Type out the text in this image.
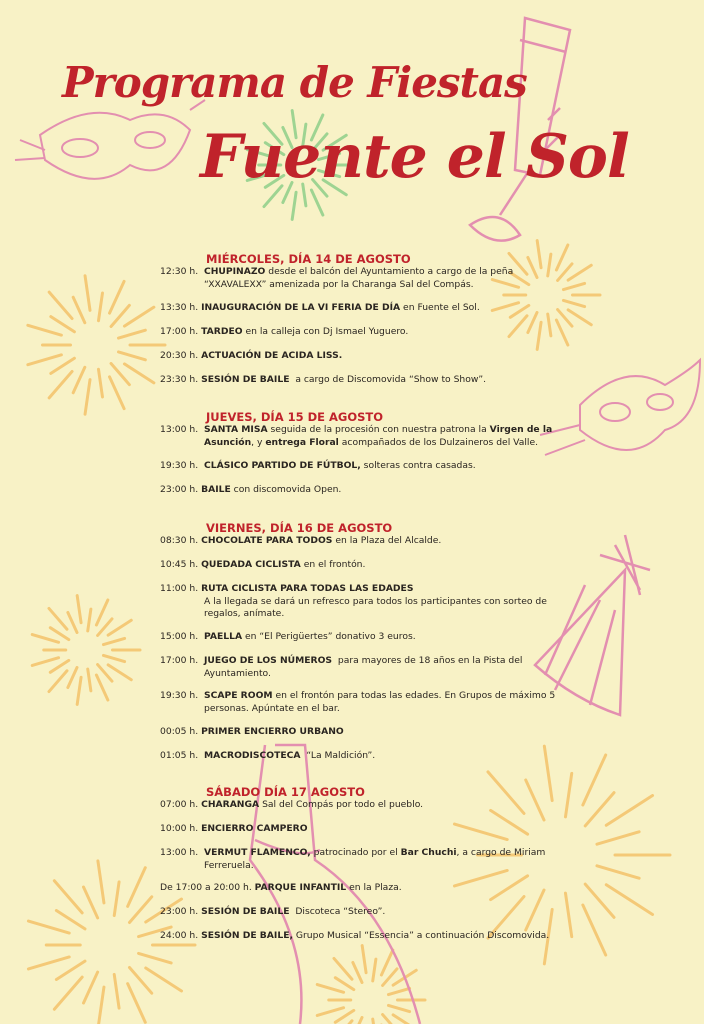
Programa de Fiestas
Fuente el Sol
MIÉRCOLES, DÍA 14 DE AGOSTO
12:30 h. CHUPINAZO desde el balcón del Ayuntamiento a cargo de la peña
“XXAVALEXX” amenizada por la Charanga Sal del Compás.
13:30 h. INAUGURACIÓN DE LA VI FERIA DE DÍA en Fuente el Sol.
17:00 h. TARDEO en la calleja con Dj Ismael Yuguero.
20:30 h. ACTUACIÓN DE ACIDA LISS.
23:30 h. SESIÓN DE BAILE a cargo de Discomovida “Show to Show”.
JUEVES, DÍA 15 DE AGOSTO
13:00 h. SANTA MISA seguida de la procesión con nuestra patrona la Virgen de la
Asunción, y entrega Floral acompañados de los Dulzaineros del Valle.
19:30 h. CLÁSICO PARTIDO DE FÚTBOL, solteras contra casadas.
23:00 h. BAILE con discomovida Open.
VIERNES, DÍA 16 DE AGOSTO
08:30 h. CHOCOLATE PARA TODOS en la Plaza del Alcalde.
10:45 h. QUEDADA CICLISTA en el frontón.
11:00 h. RUTA CICLISTA PARA TODAS LAS EDADES
A la llegada se dará un refresco para todos los participantes con sorteo de
regalos, anímate.
15:00 h. PAELLA en “El Perigüertes” donativo 3 euros.
17:00 h. JUEGO DE LOS NÚMEROS para mayores de 18 años en la Pista del
Ayuntamiento.
19:30 h. SCAPE ROOM en el frontón para todas las edades. En Grupos de máximo 5
personas. Apúntate en el bar.
00:05 h. PRIMER ENCIERRO URBANO
01:05 h. MACRODISCOTECA “La Maldición”.
SÁBADO DÍA 17 AGOSTO
07:00 h. CHARANGA Sal del Compás por todo el pueblo.
10:00 h. ENCIERRO CAMPERO
13:00 h. VERMUT FLAMENCO, patrocinado por el Bar Chuchi, a cargo de Miriam
Ferreruela.
De 17:00 a 20:00 h. PARQUE INFANTIL en la Plaza.
23:00 h. SESIÓN DE BAILE Discoteca “Stereo”.
24:00 h. SESIÓN DE BAILE, Grupo Musical “Essencia” a continuación Discomovida.
